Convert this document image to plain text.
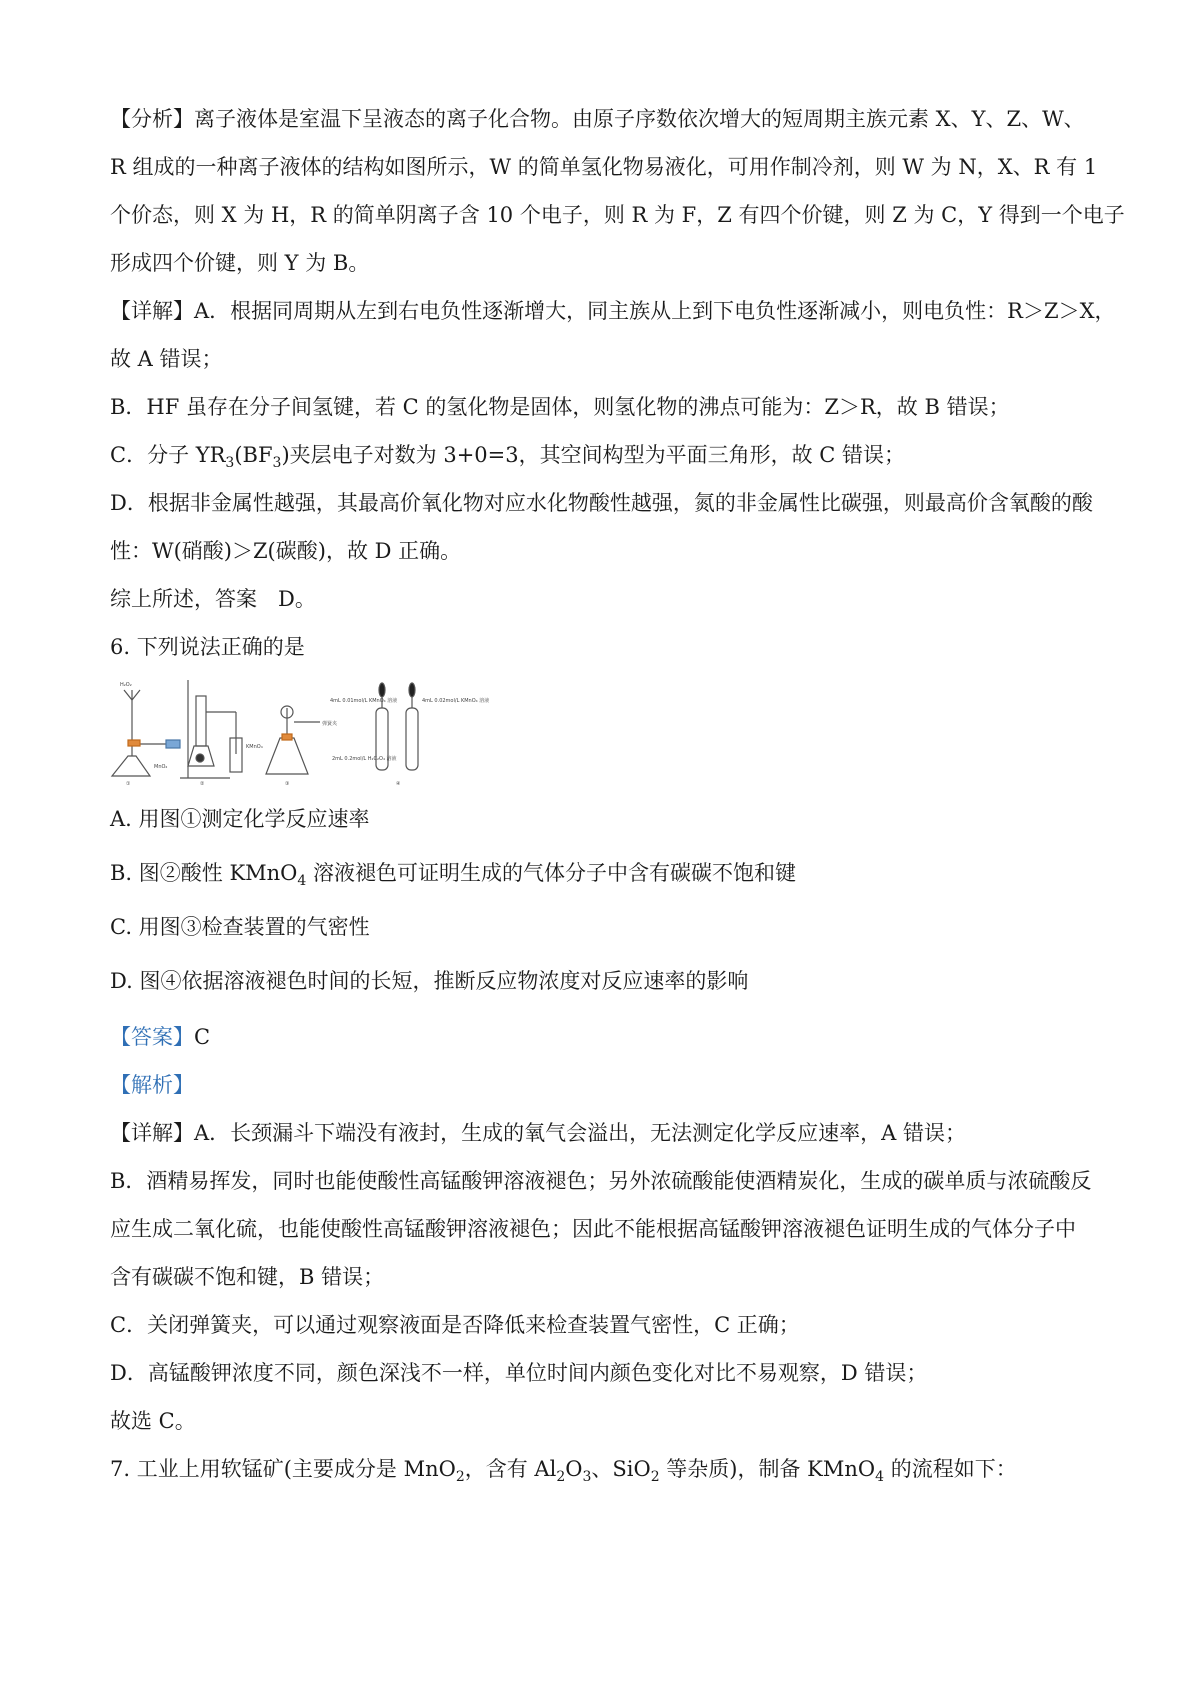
【分析】离子液体是室温下呈液态的离子化合物。由原子序数依次增大的短周期主族元素 X、Y、Z、W、
R 组成的一种离子液体的结构如图所示，W 的简单氢化物易液化，可用作制冷剂，则 W 为 N，X、R 有 1
个价态，则 X 为 H，R 的简单阴离子含 10 个电子，则 R 为 F，Z 有四个价键，则 Z 为 C，Y 得到一个电子
形成四个价键，则 Y 为 B。
【详解】A．根据同周期从左到右电负性逐渐增大，同主族从上到下电负性逐渐减小，则电负性：R＞Z＞X，
故 A 错误；
B．HF 虽存在分子间氢键，若 C 的氢化物是固体，则氢化物的沸点可能为：Z＞R，故 B 错误；
C．分子 $YR_3(BF_3)$夹层电子对数为 3+0=3，其空间构型为平面三角形，故 C 错误；
D．根据非金属性越强，其最高价氧化物对应水化物酸性越强，氮的非金属性比碳强，则最高价含氧酸的酸
性：W(硝酸)＞Z(碳酸)，故 D 正确。
综上所述，答案　D。
6. 下列说法正确的是
H₂O₂
MnO₂
弹簧夹
KMnO₄
4mL 0.01mol/L KMnO₄ 溶液	4mL 0.02mol/L KMnO₄ 溶液
2mL 0.2mol/L H₂C₂O₄ 溶液
①	②	③	④
A. 用图①测定化学反应速率
B. 图②酸性 KMnO$_4$ 溶液褪色可证明生成的气体分子中含有碳碳不饱和键
C. 用图③检查装置的气密性
D. 图④依据溶液褪色时间的长短，推断反应物浓度对反应速率的影响
【答案】C
【解析】
【详解】A．长颈漏斗下端没有液封，生成的氧气会溢出，无法测定化学反应速率，A 错误；
B．酒精易挥发，同时也能使酸性高锰酸钾溶液褪色；另外浓硫酸能使酒精炭化，生成的碳单质与浓硫酸反
应生成二氧化硫，也能使酸性高锰酸钾溶液褪色；因此不能根据高锰酸钾溶液褪色证明生成的气体分子中
含有碳碳不饱和键，B 错误；
C．关闭弹簧夹，可以通过观察液面是否降低来检查装置气密性，C 正确；
D．高锰酸钾浓度不同，颜色深浅不一样，单位时间内颜色变化对比不易观察，D 错误；
故选 C。
7. 工业上用软锰矿(主要成分是 MnO$_2$，含有 $Al_2O_3$、SiO$_2$ 等杂质)，制备 KMnO$_4$ 的流程如下：
